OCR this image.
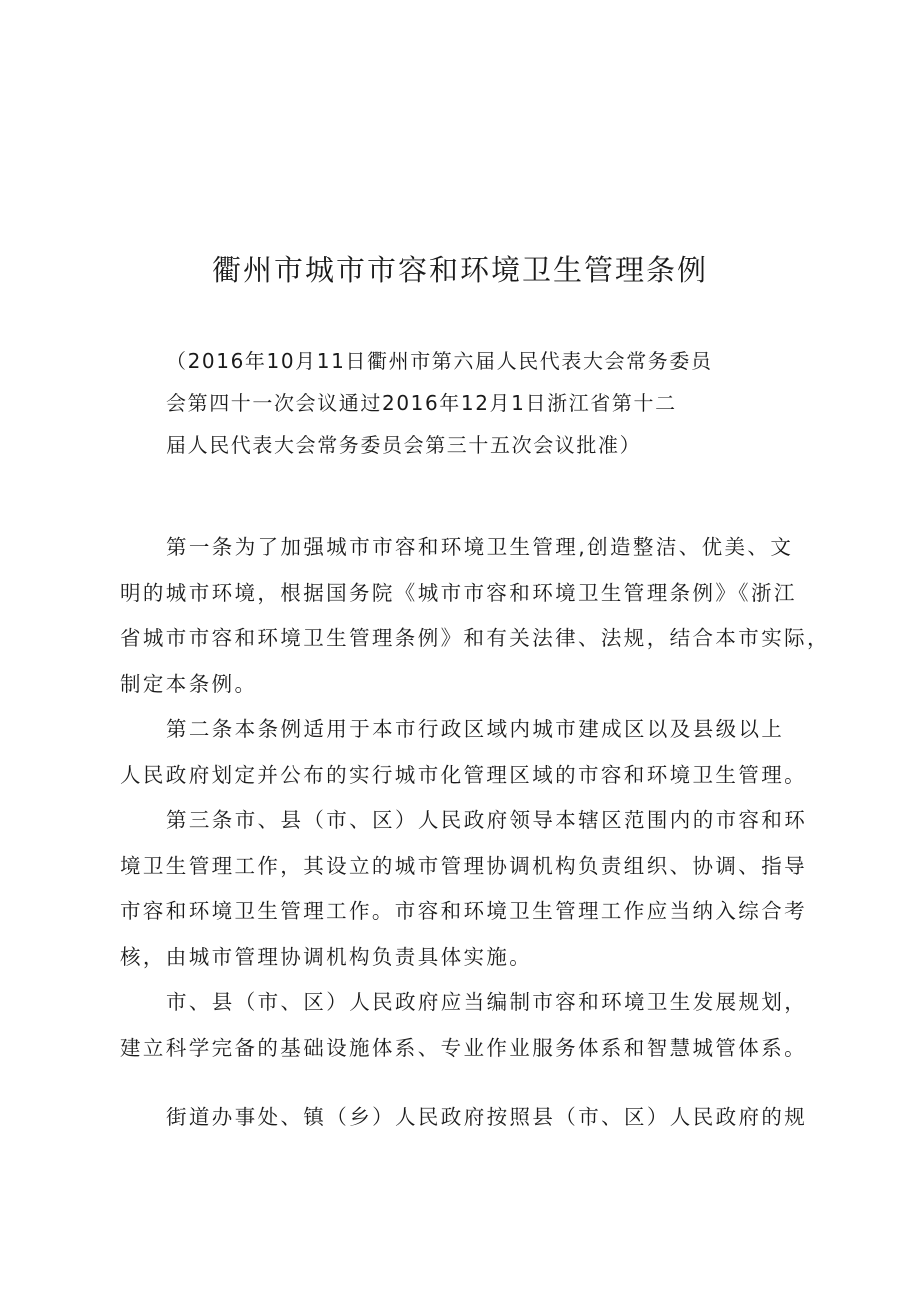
衢州市城市市容和环境卫生管理条例
（2016年10月11日衢州市第六届人民代表大会常务委员
会第四十一次会议通过2016年12月1日浙江省第十二
届人民代表大会常务委员会第三十五次会议批准）
第一条为了加强城市市容和环境卫生管理,创造整洁、优美、文
明的城市环境，根据国务院《城市市容和环境卫生管理条例》《浙江
省城市市容和环境卫生管理条例》和有关法律、法规，结合本市实际，
制定本条例。
第二条本条例适用于本市行政区域内城市建成区以及县级以上
人民政府划定并公布的实行城市化管理区域的市容和环境卫生管理。
第三条市、县（市、区）人民政府领导本辖区范围内的市容和环
境卫生管理工作，其设立的城市管理协调机构负责组织、协调、指导
市容和环境卫生管理工作。市容和环境卫生管理工作应当纳入综合考
核，由城市管理协调机构负责具体实施。
市、县（市、区）人民政府应当编制市容和环境卫生发展规划，
建立科学完备的基础设施体系、专业作业服务体系和智慧城管体系。
街道办事处、镇（乡）人民政府按照县（市、区）人民政府的规
